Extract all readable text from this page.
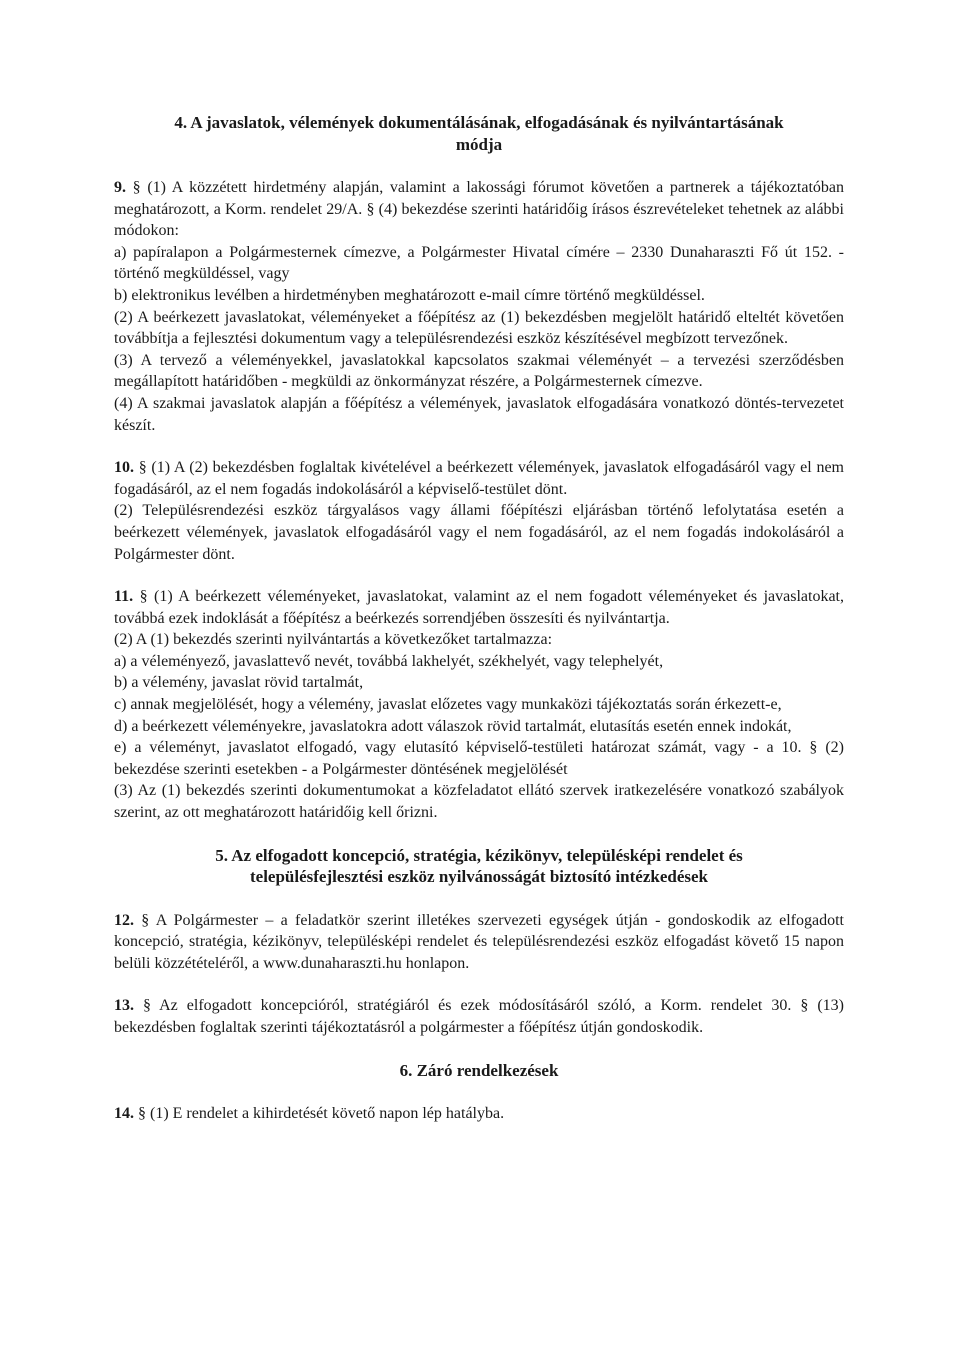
4. A javaslatok, vélemények dokumentálásának, elfogadásának és nyilvántartásának
módja

9. § (1) A közzétett hirdetmény alapján, valamint a lakossági fórumot követően a partnerek a tájékoztatóban meghatározott, a Korm. rendelet 29/A. § (4) bekezdése szerinti határidőig írásos észrevételeket tehetnek az alábbi módokon:

a) papíralapon a Polgármesternek címezve, a Polgármester Hivatal címére – 2330 Dunaharaszti Fő út 152. - történő megküldéssel, vagy

b) elektronikus levélben a hirdetményben meghatározott e-mail címre történő megküldéssel.

(2) A beérkezett javaslatokat, véleményeket a főépítész az (1) bekezdésben megjelölt határidő elteltét követően továbbítja a fejlesztési dokumentum vagy a településrendezési eszköz készítésével megbízott tervezőnek.

(3) A tervező a véleményekkel, javaslatokkal kapcsolatos szakmai véleményét – a tervezési szerződésben megállapított határidőben - megküldi az önkormányzat részére, a Polgármesternek címezve.

(4) A szakmai javaslatok alapján a főépítész a vélemények, javaslatok elfogadására vonatkozó döntés-tervezetet készít.

10. § (1) A (2) bekezdésben foglaltak kivételével a beérkezett vélemények, javaslatok elfogadásáról vagy el nem fogadásáról, az el nem fogadás indokolásáról a képviselő-testület dönt.

(2) Településrendezési eszköz tárgyalásos vagy állami főépítészi eljárásban történő lefolytatása esetén a beérkezett vélemények, javaslatok elfogadásáról vagy el nem fogadásáról, az el nem fogadás indokolásáról a Polgármester dönt.

11. § (1) A beérkezett véleményeket, javaslatokat, valamint az el nem fogadott véleményeket és javaslatokat, továbbá ezek indoklását a főépítész a beérkezés sorrendjében összesíti és nyilvántartja.

(2) A (1) bekezdés szerinti nyilvántartás a következőket tartalmazza:

a) a véleményező, javaslattevő nevét, továbbá lakhelyét, székhelyét, vagy telephelyét,

b) a vélemény, javaslat rövid tartalmát,

c) annak megjelölését, hogy a vélemény, javaslat előzetes vagy munkaközi tájékoztatás során érkezett-e,

d) a beérkezett véleményekre, javaslatokra adott válaszok rövid tartalmát, elutasítás esetén ennek indokát,

e) a véleményt, javaslatot elfogadó, vagy elutasító képviselő-testületi határozat számát, vagy - a 10. § (2) bekezdése szerinti esetekben - a Polgármester döntésének megjelölését

(3) Az (1) bekezdés szerinti dokumentumokat a közfeladatot ellátó szervek iratkezelésére vonatkozó szabályok szerint, az ott meghatározott határidőig kell őrizni.

5. Az elfogadott koncepció, stratégia, kézikönyv, településképi rendelet és
településfejlesztési eszköz nyilvánosságát biztosító intézkedések

12. § A Polgármester – a feladatkör szerint illetékes szervezeti egységek útján - gondoskodik az elfogadott koncepció, stratégia, kézikönyv, településképi rendelet és településrendezési eszköz elfogadást követő 15 napon belüli közzétételéről, a www.dunaharaszti.hu honlapon.

13. § Az elfogadott koncepcióról, stratégiáról és ezek módosításáról szóló, a Korm. rendelet 30. § (13) bekezdésben foglaltak szerinti tájékoztatásról a polgármester a főépítész útján gondoskodik.

6. Záró rendelkezések

14. § (1) E rendelet a kihirdetését követő napon lép hatályba.
